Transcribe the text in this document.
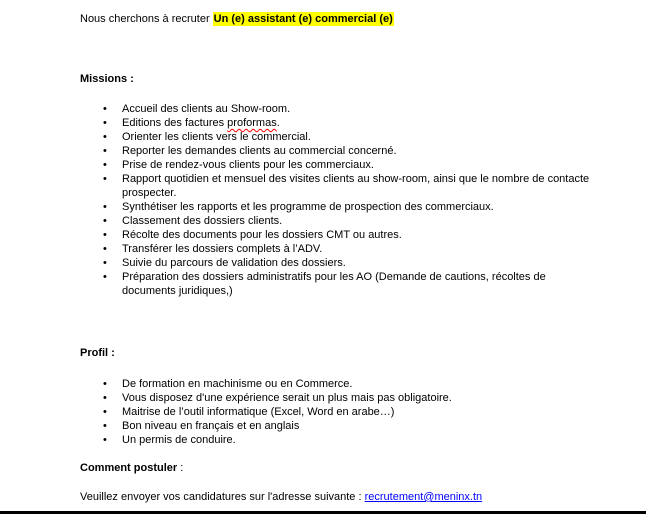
Nous cherchons à recruter Un (e) assistant (e) commercial (e)

Missions :

• Accueil des clients au Show-room.
• Editions des factures proformas.
• Orienter les clients vers le commercial.
• Reporter les demandes clients au commercial concerné.
• Prise de rendez-vous clients pour les commerciaux.
• Rapport quotidien et mensuel des visites clients au show-room, ainsi que le nombre de contacte prospecter.
• Synthétiser les rapports et les programme de prospection des commerciaux.
• Classement des dossiers clients.
• Récolte des documents pour les dossiers CMT ou autres.
• Transférer les dossiers complets à l’ADV.
• Suivie du parcours de validation des dossiers.
• Préparation des dossiers administratifs pour les AO (Demande de cautions, récoltes de documents juridiques,)

Profil :

• De formation en machinisme ou en Commerce.
• Vous disposez d'une expérience serait un plus mais pas obligatoire.
• Maitrise de l’outil informatique (Excel, Word en arabe…)
• Bon niveau en français et en anglais
• Un permis de conduire.

Comment postuler :

Veuillez envoyer vos candidatures sur l'adresse suivante : recrutement@meninx.tn
